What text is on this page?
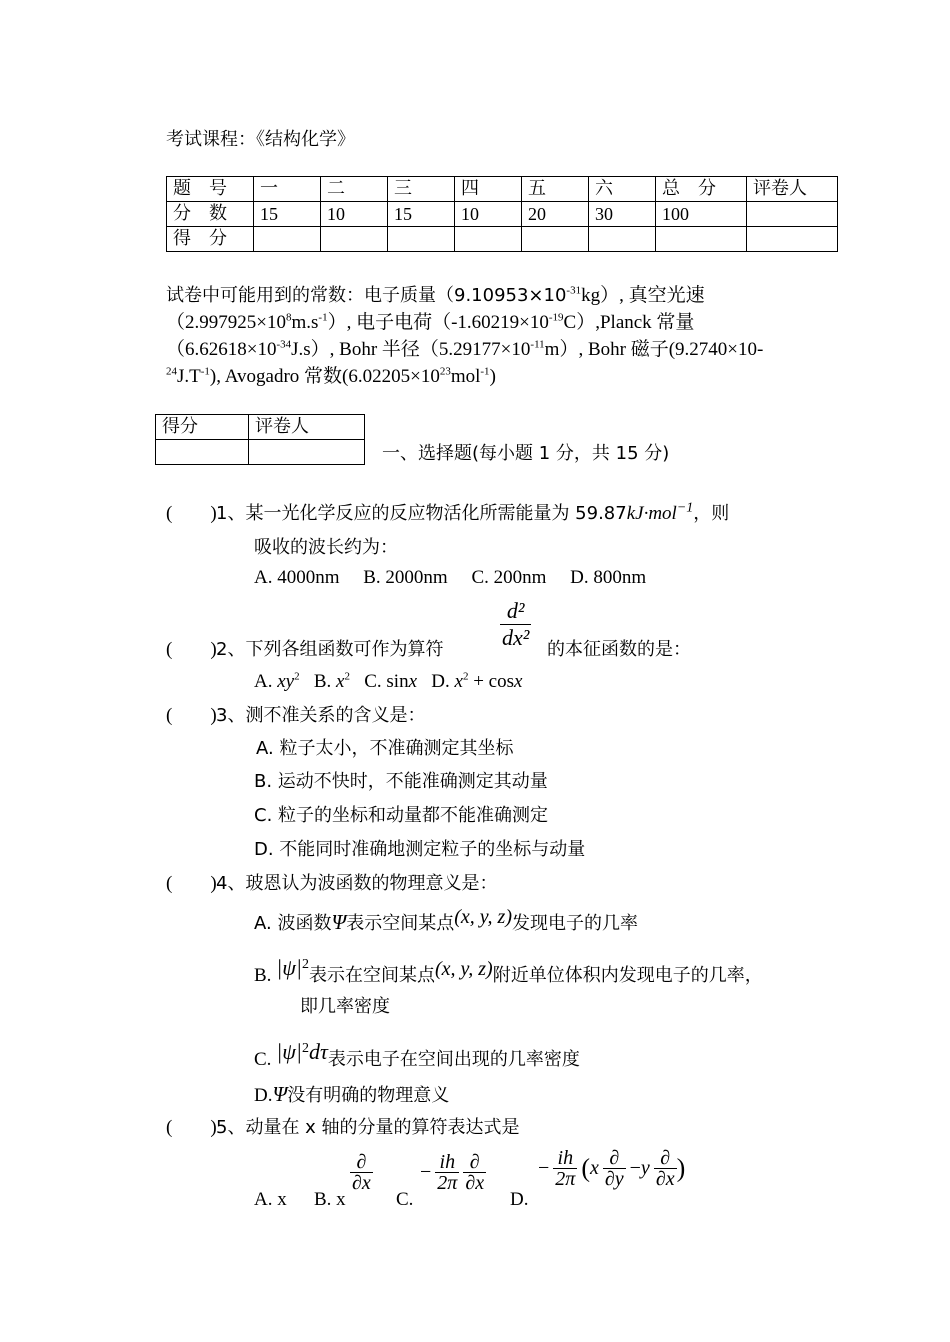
考试课程：《结构化学》
题　号	一	二	三	四	五	六	总　分	评卷人
分　数	15	10	15	10	20	30	100	
得　分								
试卷中可能用到的常数：电子质量$(9.10953\times 10^{-31}kg)$, 真空光速
$(2.997925\times 10^8m.s^{-1})$, 电子电荷$(-1.60219\times 10^{-19}C),Planck$ 常量
$(6.62618\times 10^{-34}J.s)$, Bohr 半径$(5.29177\times 10^{-11}m)$, Bohr 磁子(9.2740×10-
$^{24}J.T^{-1}$), Avogadro 常数$(6.02205\times 10^{23}mol^{-1})$
得分	评卷人

一、选择题(每小题 1 分，共 15 分)
(　　) 1、某一光化学反应的反应物活化所需能量为 59.87kJ·mol$^{-1}$，则
吸收的波长约为：
A. 4000nm　 B. 2000nm　 C. 200nm　 D. 800nm
$\frac{\text{d²}}{\text{dx²}}$
(　　) 2、下列各组函数可作为算符	的本征函数的是：
A. $xy^2$ B. $x^2$ C. sinx D. $x^2 + \cos x$
(　　) 3、测不准关系的含义是：
A. 粒子太小，不准确测定其坐标
B. 运动不快时，不能准确测定其动量
C. 粒子的坐标和动量都不能准确测定
D. 不能同时准确地测定粒子的坐标与动量
(　　) 4、玻恩认为波函数的物理意义是：
A. 波函数Ψ表示空间某点(x, y, z)发现电子的几率
B. $|\psi|^2$表示在空间某点(x, y, z)附近单位体积内发现电子的几率，
即几率密度
C. $|\psi|^2d\tau$表示电子在空间出现的几率密度
D.Ψ没有明确的物理意义
(　　) 5、动量在 x 轴的分量的算符表达式是
A. x B. x
$\frac{\partial}{\partial x}$
C.
− $\frac{ih}{2\pi}$
$\frac{\partial}{\partial x}$
D.
− $\frac{ih}{2\pi} (x \frac{\partial}{\partial y} -y \frac{\partial}{\partial x}$ )
